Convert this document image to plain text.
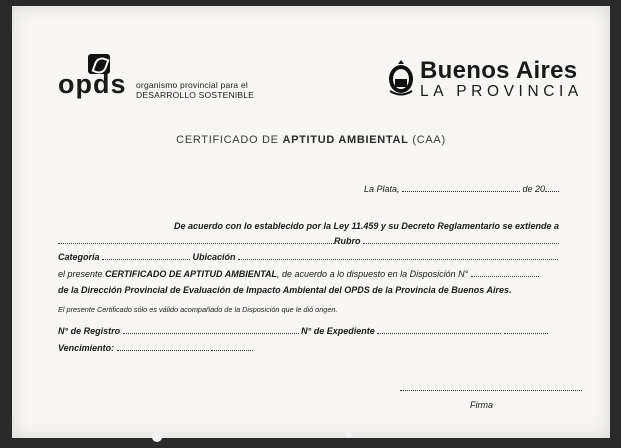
opds organismo provincial para el
DESARROLLO SOSTENIBLE
Buenos Aires
LA PROVINCIA
CERTIFICADO DE APTITUD AMBIENTAL (CAA)
La Plata,	de 20
De acuerdo con lo establecido por la Ley 11.459 y su Decreto Reglamentario se extiende a
Rubro
Categoría	Ubicación
el presente CERTIFICADO DE APTITUD AMBIENTAL, de acuerdo a lo dispuesto en la Disposición N°
de la Dirección Provincial de Evaluación de Impacto Ambiental del OPDS de la Provincia de Buenos Aires.
El presente Certificado sólo es válido acompañado de la Disposición que le dió origen.
N° de Registro	N° de Expediente
Vencimiento:
Firma
